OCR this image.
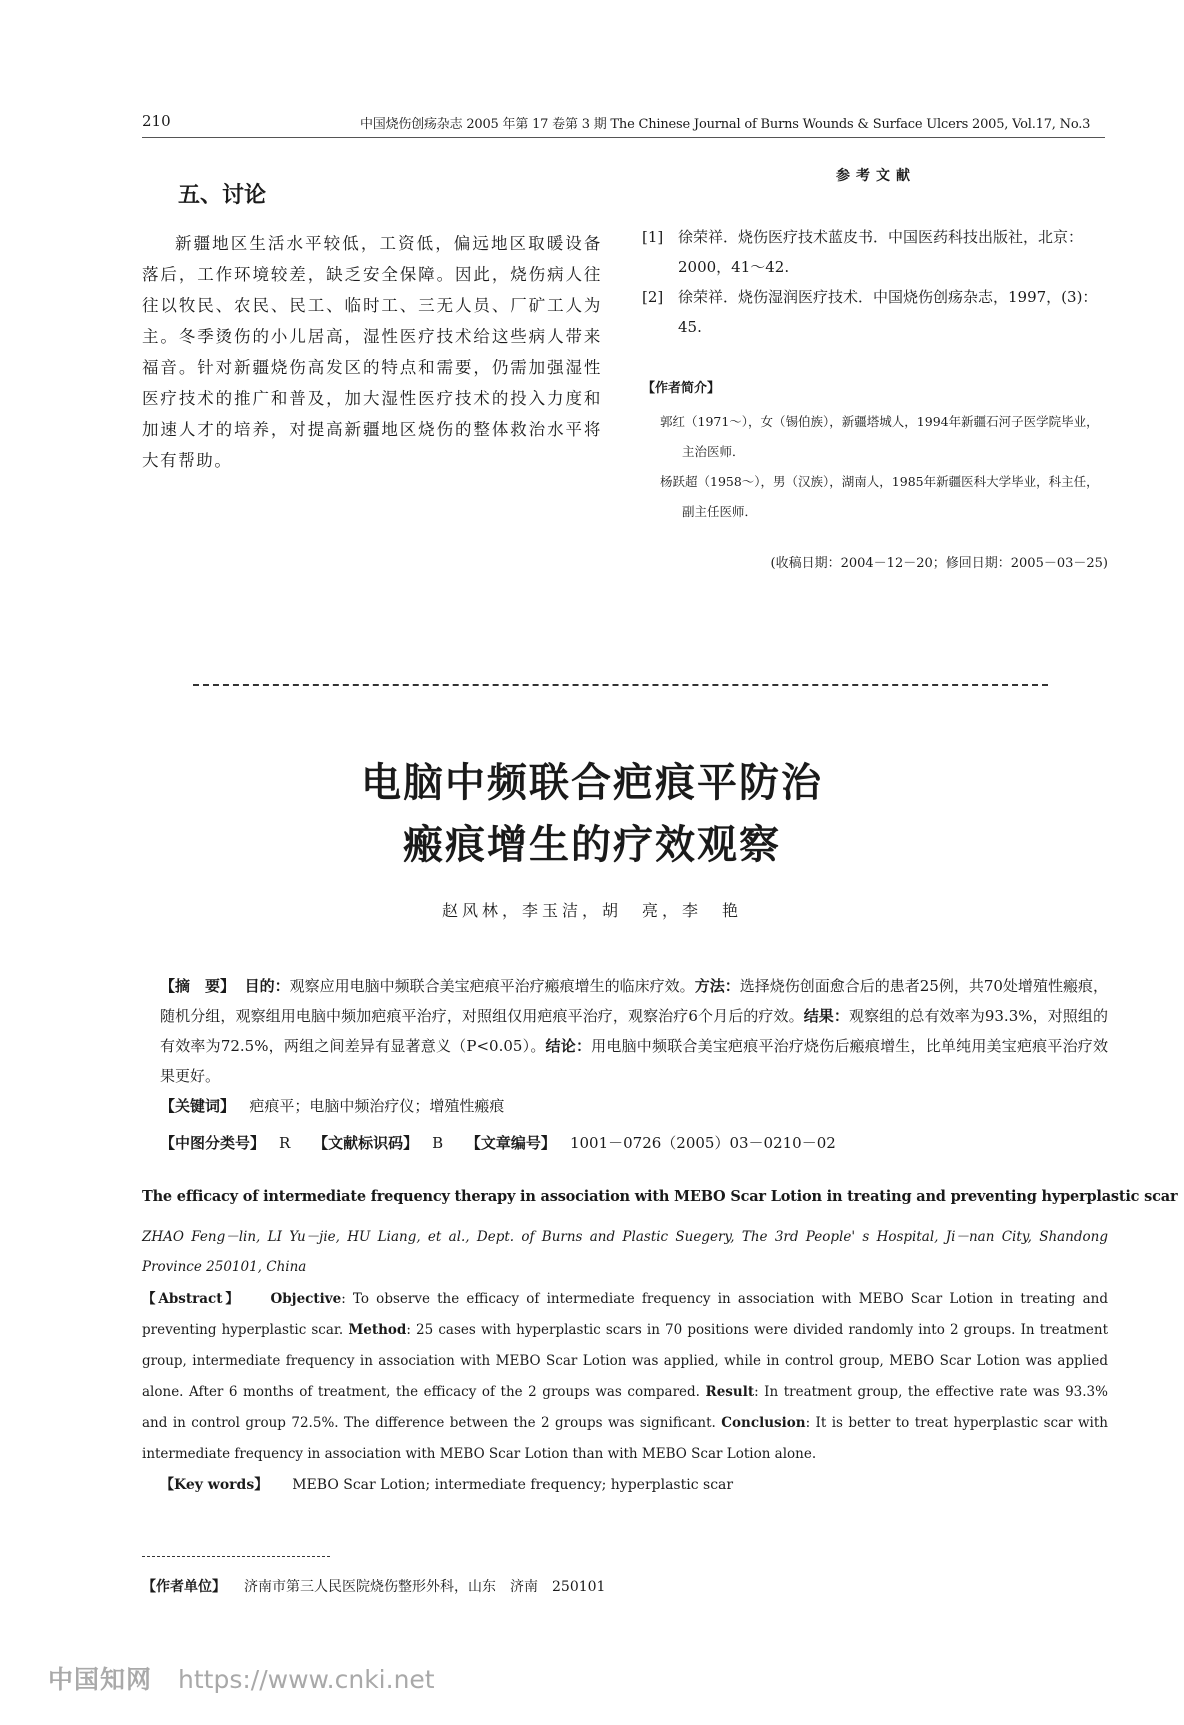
210	中国烧伤创疡杂志 2005 年第 17 卷第 3 期 The Chinese Journal of Burns Wounds & Surface Ulcers 2005, Vol.17, No.3
五、讨论

新疆地区生活水平较低，工资低，偏远地区取暖设备落后，工作环境较差，缺乏安全保障。因此，烧伤病人往往以牧民、农民、民工、临时工、三无人员、厂矿工人为主。冬季烫伤的小儿居高，湿性医疗技术给这些病人带来福音。针对新疆烧伤高发区的特点和需要，仍需加强湿性医疗技术的推广和普及，加大湿性医疗技术的投入力度和加速人才的培养，对提高新疆地区烧伤的整体救治水平将大有帮助。

参考文献
[1] 徐荣祥．烧伤医疗技术蓝皮书．中国医药科技出版社，北京：2000，41～42.
[2] 徐荣祥．烧伤湿润医疗技术．中国烧伤创疡杂志，1997，(3)：45.
【作者简介】

郭红（1971～），女（锡伯族），新疆塔城人，1994年新疆石河子医学院毕业，主治医师．

杨跃超（1958～），男（汉族），湖南人，1985年新疆医科大学毕业，科主任，副主任医师．

(收稿日期：2004－12－20；修回日期：2005－03－25)
电脑中频联合疤痕平防治
瘢痕增生的疗效观察
赵风林，李玉洁，胡　亮，李　艳

【摘　要】 目的：观察应用电脑中频联合美宝疤痕平治疗瘢痕增生的临床疗效。方法：选择烧伤创面愈合后的患者25例，共70处增殖性瘢痕，随机分组，观察组用电脑中频加疤痕平治疗，对照组仅用疤痕平治疗，观察治疗6个月后的疗效。结果：观察组的总有效率为93.3%，对照组的有效率为72.5%，两组之间差异有显著意义（P<0.05）。结论：用电脑中频联合美宝疤痕平治疗烧伤后瘢痕增生，比单纯用美宝疤痕平治疗效果更好。

【关键词】 疤痕平；电脑中频治疗仪；增殖性瘢痕

【中图分类号】 R 【文献标识码】 B 【文章编号】 1001－0726（2005）03－0210－02
The efficacy of intermediate frequency therapy in association with MEBO Scar Lotion in treating and preventing hyperplastic scar
ZHAO Feng－lin, LI Yu－jie, HU Liang, et al., Dept. of Burns and Plastic Suegery, The 3rd People' s Hospital, Ji－nan City, Shandong Province 250101, China

【Abstract】 Objective: To observe the efficacy of intermediate frequency in association with MEBO Scar Lotion in treating and preventing hyperplastic scar. Method: 25 cases with hyperplastic scars in 70 positions were divided randomly into 2 groups. In treatment group, intermediate frequency in association with MEBO Scar Lotion was applied, while in control group, MEBO Scar Lotion was applied alone. After 6 months of treatment, the efficacy of the 2 groups was compared. Result: In treatment group, the effective rate was 93.3% and in control group 72.5%. The difference between the 2 groups was significant. Conclusion: It is better to treat hyperplastic scar with intermediate frequency in association with MEBO Scar Lotion than with MEBO Scar Lotion alone.

【Key words】 MEBO Scar Lotion; intermediate frequency; hyperplastic scar
【作者单位】 济南市第三人民医院烧伤整形外科，山东　济南　250101
中国知网 https://www.cnki.net
